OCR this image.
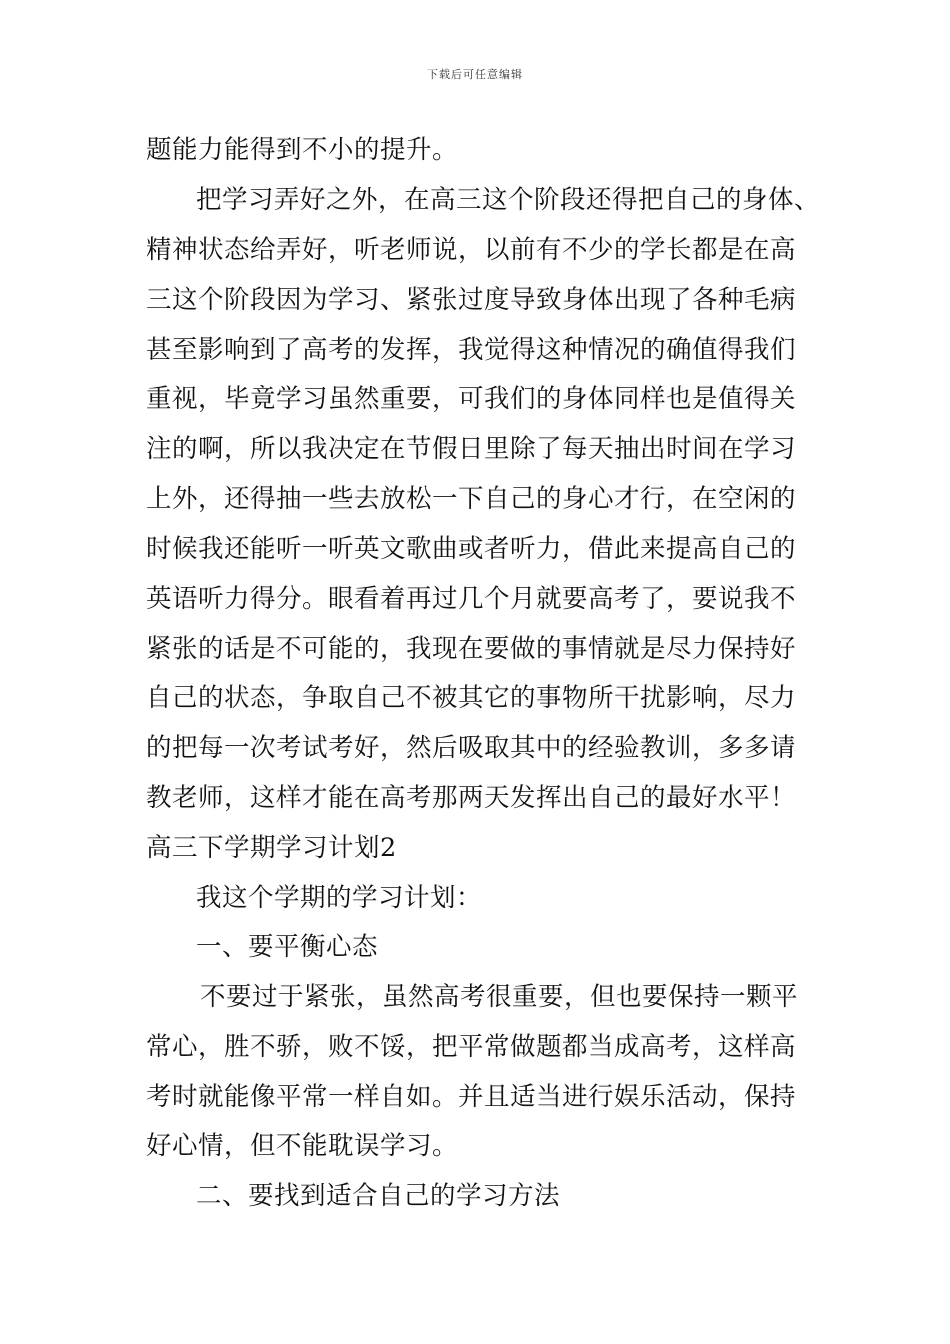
下载后可任意编辑
题能力能得到不小的提升。
把学习弄好之外，在高三这个阶段还得把自己的身体、
精神状态给弄好，听老师说，以前有不少的学长都是在高
三这个阶段因为学习、紧张过度导致身体出现了各种毛病
甚至影响到了高考的发挥，我觉得这种情况的确值得我们
重视，毕竟学习虽然重要，可我们的身体同样也是值得关
注的啊，所以我决定在节假日里除了每天抽出时间在学习
上外，还得抽一些去放松一下自己的身心才行，在空闲的
时候我还能听一听英文歌曲或者听力，借此来提高自己的
英语听力得分。眼看着再过几个月就要高考了，要说我不
紧张的话是不可能的，我现在要做的事情就是尽力保持好
自己的状态，争取自己不被其它的事物所干扰影响，尽力
的把每一次考试考好，然后吸取其中的经验教训，多多请
教老师，这样才能在高考那两天发挥出自己的最好水平！
高三下学期学习计划2
我这个学期的学习计划：
一、要平衡心态
不要过于紧张，虽然高考很重要，但也要保持一颗平
常心，胜不骄，败不馁，把平常做题都当成高考，这样高
考时就能像平常一样自如。并且适当进行娱乐活动，保持
好心情，但不能耽误学习。
二、要找到适合自己的学习方法
